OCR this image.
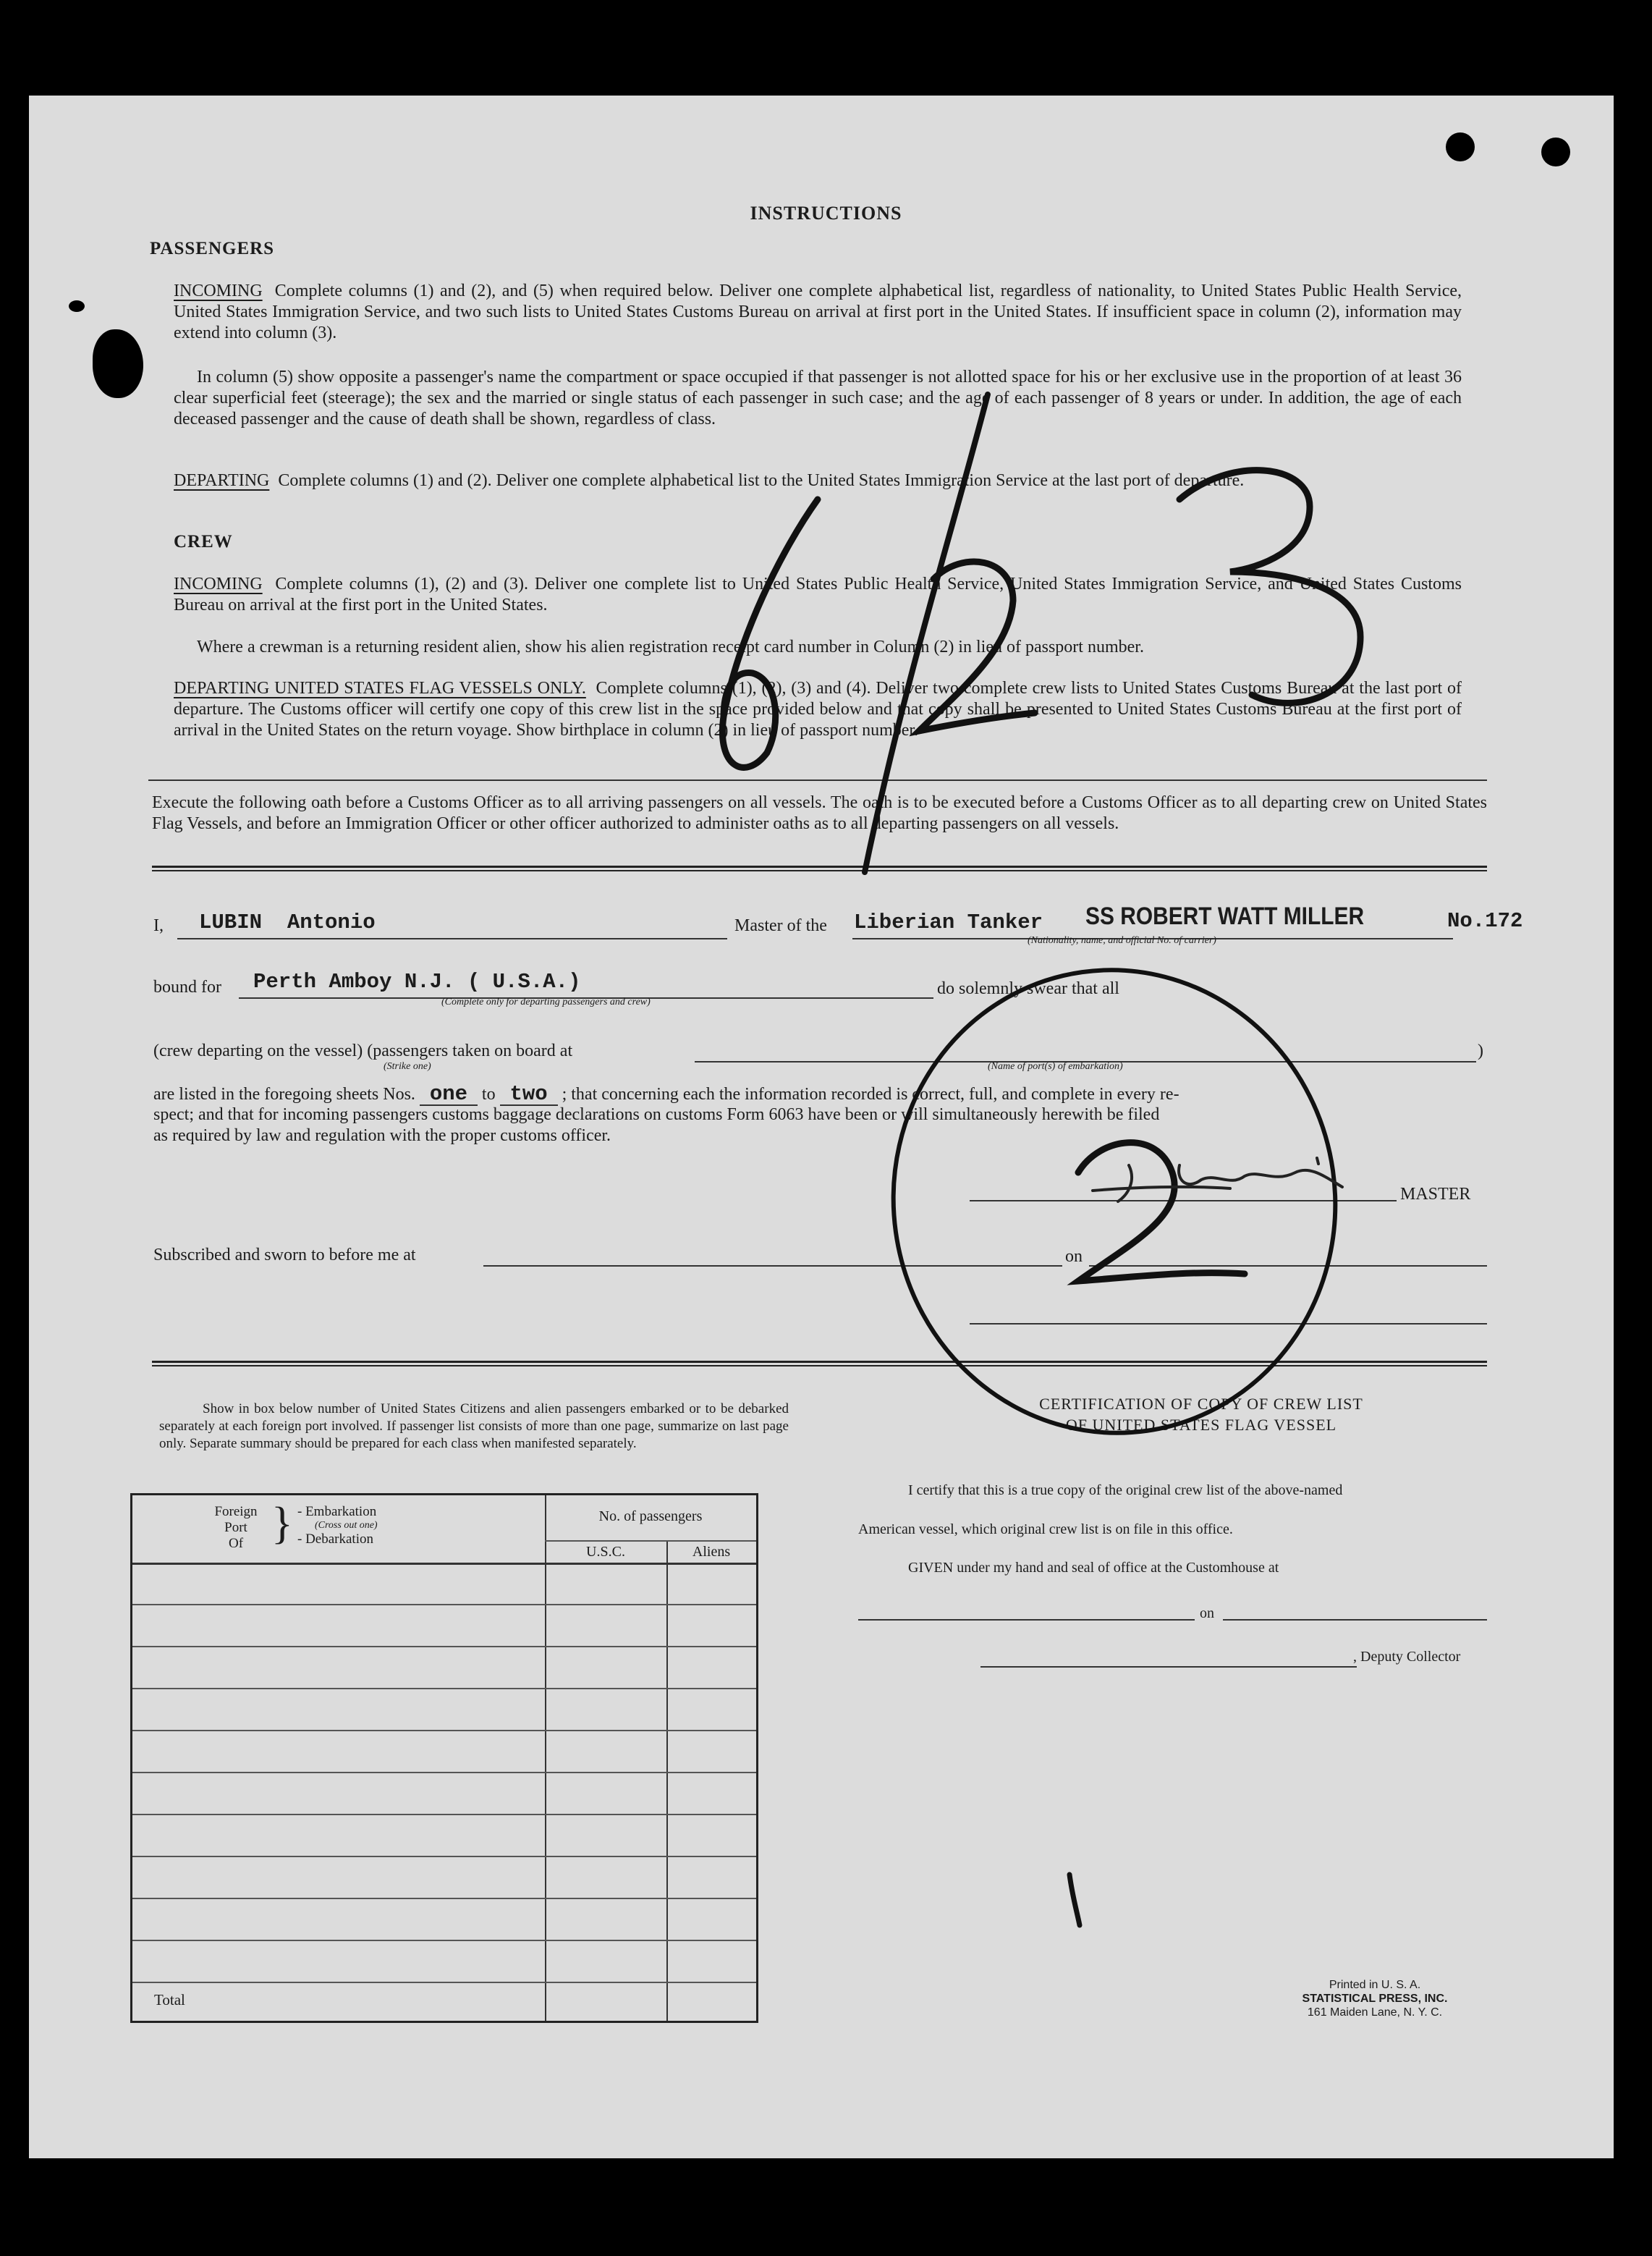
INSTRUCTIONS
PASSENGERS
INCOMING Complete columns (1) and (2), and (5) when required below. Deliver one complete alphabetical list, regardless of nationality, to United States Public Health Service, United States Immigration Service, and two such lists to United States Customs Bureau on arrival at first port in the United States. If insufficient space in column (2), information may extend into column (3).
In column (5) show opposite a passenger's name the compartment or space occupied if that passenger is not allotted space for his or her exclusive use in the proportion of at least 36 clear superficial feet (steerage); the sex and the married or single status of each passenger in such case; and the age of each passenger of 8 years or under. In addition, the age of each deceased passenger and the cause of death shall be shown, regardless of class.
DEPARTING Complete columns (1) and (2). Deliver one complete alphabetical list to the United States Immigration Service at the last port of departure.
CREW
INCOMING Complete columns (1), (2) and (3). Deliver one complete list to United States Public Health Service, United States Immigration Service, and United States Customs Bureau on arrival at the first port in the United States.
Where a crewman is a returning resident alien, show his alien registration receipt card number in Column (2) in lieu of passport number.
DEPARTING UNITED STATES FLAG VESSELS ONLY. Complete columns (1), (2), (3) and (4). Deliver two complete crew lists to United States Customs Bureau at the last port of departure. The Customs officer will certify one copy of this crew list in the space provided below and that copy shall be presented to United States Customs Bureau at the first port of arrival in the United States on the return voyage. Show birthplace in column (2) in lieu of passport number.
Execute the following oath before a Customs Officer as to all arriving passengers on all vessels. The oath is to be executed before a Customs Officer as to all departing crew on United States Flag Vessels, and before an Immigration Officer or other officer authorized to administer oaths as to all departing passengers on all vessels.
I, LUBIN  Antonio	Master of the Liberian Tanker SS ROBERT WATT MILLER	No.172
(Nationality, name, and official No. of carrier)
bound for Perth Amboy N.J. ( U.S.A.)
(Complete only for departing passengers and crew)
do solemnly swear that all
(crew departing on the vessel) (passengers taken on board at	)
(Strike one)	(Name of port(s) of embarkation)
are listed in the foregoing sheets Nos. one to two ; that concerning each the information recorded is correct, full, and complete in every re-
spect; and that for incoming passengers customs baggage declarations on customs Form 6063 have been or will simultaneously herewith be filed
as required by law and regulation with the proper customs officer.
MASTER
Subscribed and sworn to before me at	on
Show in box below number of United States Citizens and alien passengers embarked or to be debarked separately at each foreign port involved. If passenger list consists of more than one page, summarize on last page only. Separate summary should be prepared for each class when manifested separately.
Foreign
Port
Of } - Embarkation
(Cross out one)
- Debarkation
No. of passengers
U.S.C.	Aliens
Total
CERTIFICATION OF COPY OF CREW LIST
OF UNITED STATES FLAG VESSEL
I certify that this is a true copy of the original crew list of the above-named
American vessel, which original crew list is on file in this office.
GIVEN under my hand and seal of office at the Customhouse at
on
, Deputy Collector
Printed in U. S. A.
STATISTICAL PRESS, INC.
161 Maiden Lane, N. Y. C.
